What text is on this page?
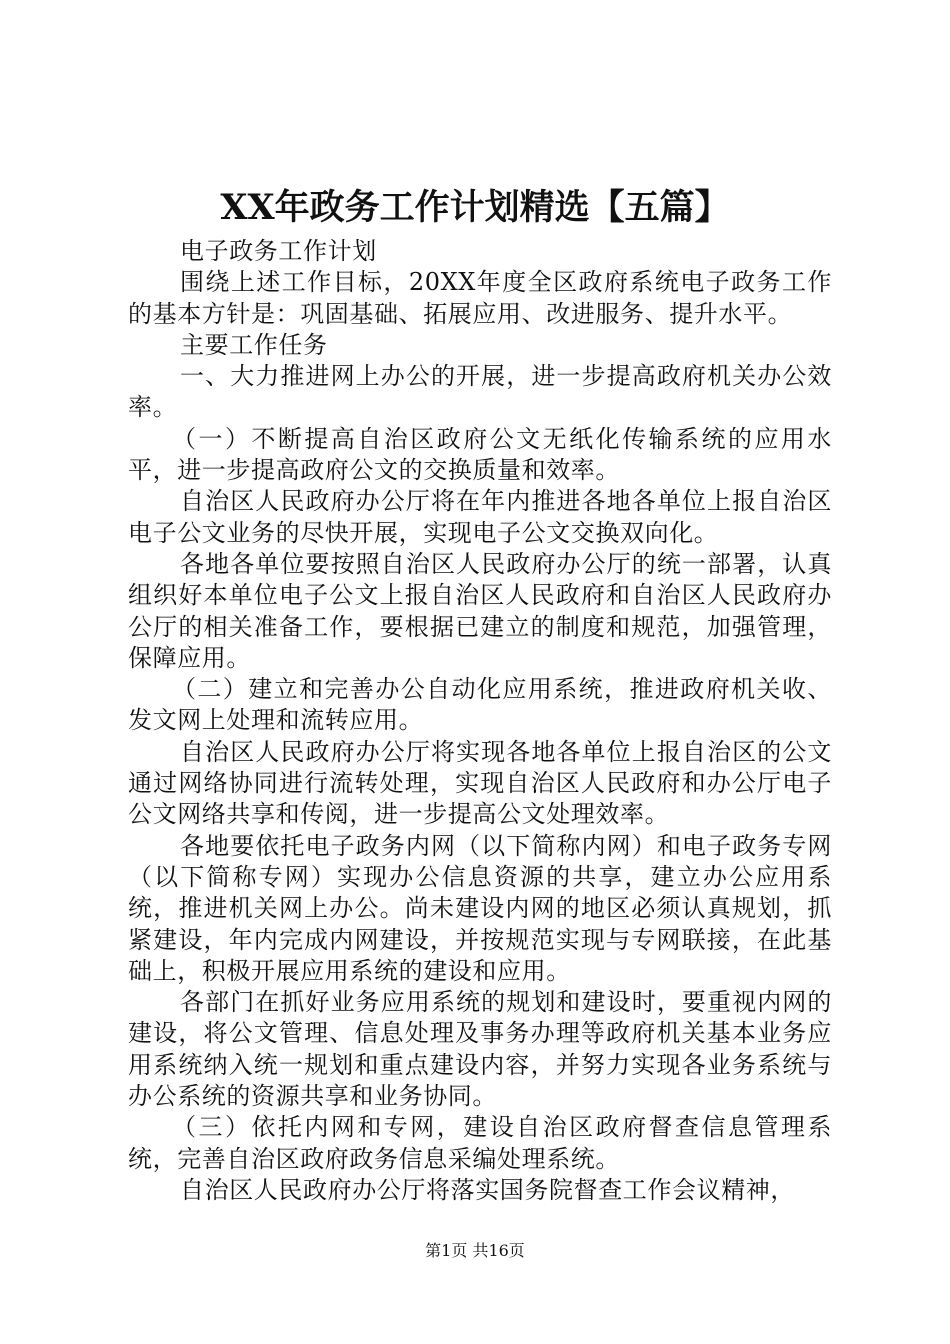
XX年政务工作计划精选【五篇】

电子政务工作计划

围绕上述工作目标，20XX年度全区政府系统电子政务工作的基本方针是：巩固基础、拓展应用、改进服务、提升水平。

主要工作任务

一、大力推进网上办公的开展，进一步提高政府机关办公效率。

（一）不断提高自治区政府公文无纸化传输系统的应用水平，进一步提高政府公文的交换质量和效率。

自治区人民政府办公厅将在年内推进各地各单位上报自治区电子公文业务的尽快开展，实现电子公文交换双向化。

各地各单位要按照自治区人民政府办公厅的统一部署，认真组织好本单位电子公文上报自治区人民政府和自治区人民政府办公厅的相关准备工作，要根据已建立的制度和规范，加强管理，保障应用。

（二）建立和完善办公自动化应用系统，推进政府机关收、发文网上处理和流转应用。

自治区人民政府办公厅将实现各地各单位上报自治区的公文通过网络协同进行流转处理，实现自治区人民政府和办公厅电子公文网络共享和传阅，进一步提高公文处理效率。

各地要依托电子政务内网（以下简称内网）和电子政务专网（以下简称专网）实现办公信息资源的共享，建立办公应用系统，推进机关网上办公。尚未建设内网的地区必须认真规划，抓紧建设，年内完成内网建设，并按规范实现与专网联接，在此基础上，积极开展应用系统的建设和应用。

各部门在抓好业务应用系统的规划和建设时，要重视内网的建设，将公文管理、信息处理及事务办理等政府机关基本业务应用系统纳入统一规划和重点建设内容，并努力实现各业务系统与办公系统的资源共享和业务协同。

（三）依托内网和专网，建设自治区政府督查信息管理系统，完善自治区政府政务信息采编处理系统。

自治区人民政府办公厅将落实国务院督查工作会议精神，

第1页 共16页
